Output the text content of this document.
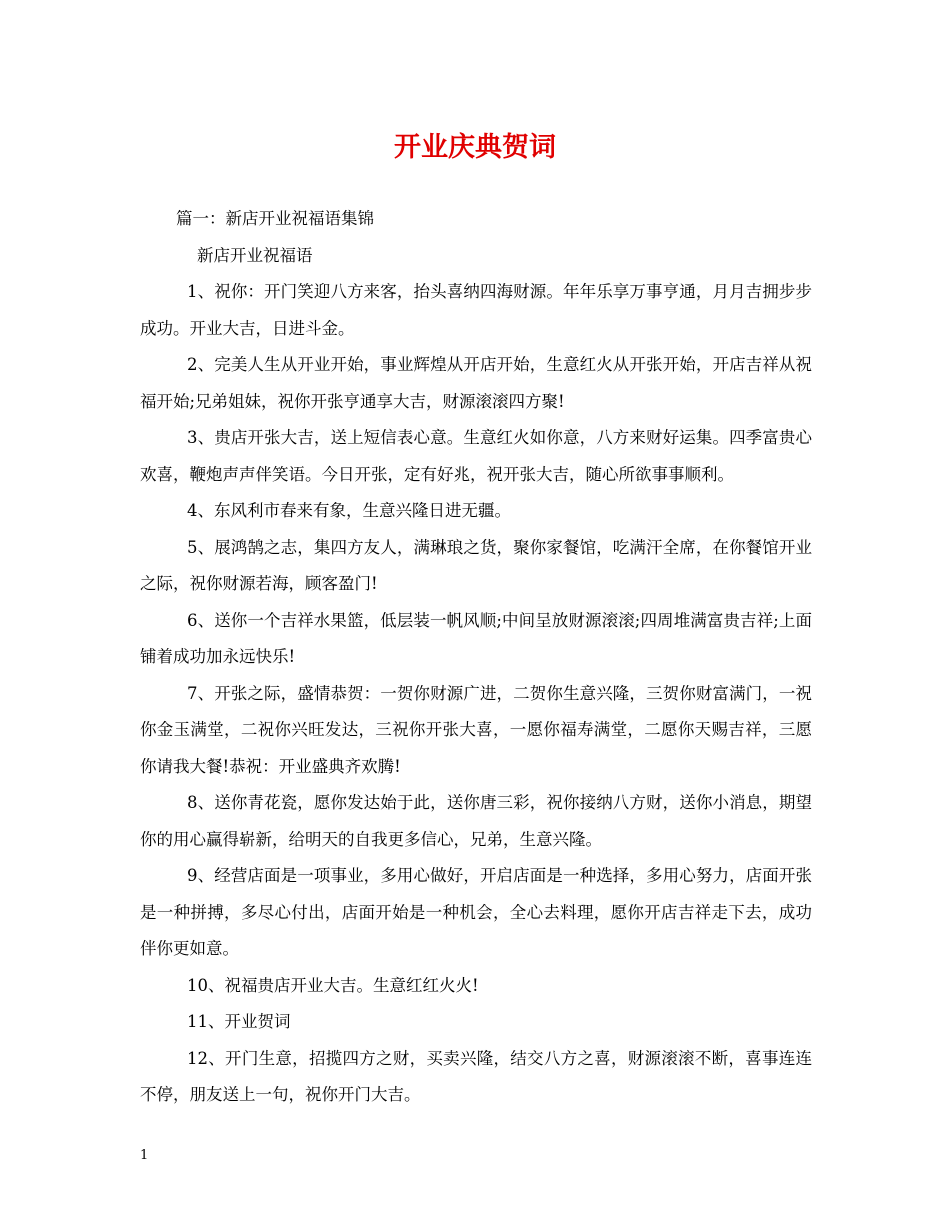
开业庆典贺词

篇一：新店开业祝福语集锦

新店开业祝福语

1、祝你：开门笑迎八方来客，抬头喜纳四海财源。年年乐享万事亨通，月月吉拥步步成功。开业大吉，日进斗金。

2、完美人生从开业开始，事业辉煌从开店开始，生意红火从开张开始，开店吉祥从祝福开始;兄弟姐妹，祝你开张亨通享大吉，财源滚滚四方聚!

3、贵店开张大吉，送上短信表心意。生意红火如你意，八方来财好运集。四季富贵心欢喜，鞭炮声声伴笑语。今日开张，定有好兆，祝开张大吉，随心所欲事事顺利。

4、东风利市春来有象，生意兴隆日进无疆。

5、展鸿鹄之志，集四方友人，满琳琅之货，聚你家餐馆，吃满汗全席，在你餐馆开业之际，祝你财源若海，顾客盈门!

6、送你一个吉祥水果篮，低层装一帆风顺;中间呈放财源滚滚;四周堆满富贵吉祥;上面铺着成功加永远快乐!

7、开张之际，盛情恭贺：一贺你财源广进，二贺你生意兴隆，三贺你财富满门，一祝你金玉满堂，二祝你兴旺发达，三祝你开张大喜，一愿你福寿满堂，二愿你天赐吉祥，三愿你请我大餐!恭祝：开业盛典齐欢腾!

8、送你青花瓷，愿你发达始于此，送你唐三彩，祝你接纳八方财，送你小消息，期望你的用心赢得崭新，给明天的自我更多信心，兄弟，生意兴隆。

9、经营店面是一项事业，多用心做好，开启店面是一种选择，多用心努力，店面开张是一种拼搏，多尽心付出，店面开始是一种机会，全心去料理，愿你开店吉祥走下去，成功伴你更如意。

10、祝福贵店开业大吉。生意红红火火!

11、开业贺词

12、开门生意，招揽四方之财，买卖兴隆，结交八方之喜，财源滚滚不断，喜事连连不停，朋友送上一句，祝你开门大吉。

1
